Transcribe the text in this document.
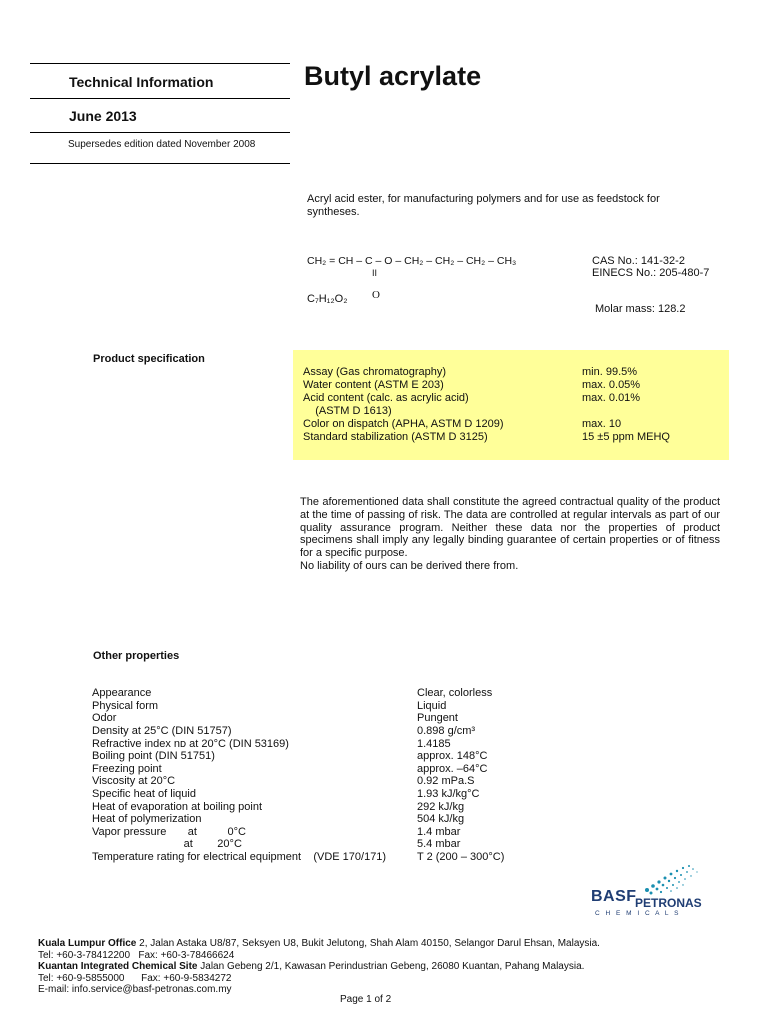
Technical Information
June 2013
Supersedes edition dated November 2008
Butyl acrylate
Acryl acid ester, for manufacturing polymers and for use as feedstock for
syntheses.
CH₂ = CH – C – O – CH₂ – CH₂ – CH₂ – CH₃
II
O
C₇H₁₂O₂
CAS No.: 141-32-2
EINECS No.: 205-480-7
Molar mass: 128.2
Product specification
Assay (Gas chromatography)	min. 99.5%
Water content (ASTM E 203)	max. 0.05%
Acid content (calc. as acrylic acid)	max. 0.01%
(ASTM D 1613)
Color on dispatch (APHA, ASTM D 1209)	max. 10
Standard stabilization (ASTM D 3125)	15 ±5 ppm MEHQ

The aforementioned data shall constitute the agreed contractual quality of the product at the time of passing of risk. The data are controlled at regular intervals as part of our quality assurance program. Neither these data nor the properties of product specimens shall imply any legally binding guarantee of certain properties or of fitness for a specific purpose.

No liability of ours can be derived there from.

Other properties
Appearance	Clear, colorless
Physical form	Liquid
Odor	Pungent
Density at 25°C (DIN 51757)	0.898 g/cm³
Refractive index nᴅ at 20°C (DIN 53169)	1.4185
Boiling point (DIN 51751)	approx. 148°C
Freezing point	approx. –64°C
Viscosity at 20°C	0.92 mPa.S
Specific heat of liquid	1.93 kJ/kg°C
Heat of evaporation at boiling point	292 kJ/kg
Heat of polymerization	504 kJ/kg
Vapor pressure       at          0°C	1.4 mbar
at        20°C	5.4 mbar
Temperature rating for electrical equipment    (VDE 170/171)	T 2 (200 – 300°C)
BASF
PETRONAS
C H E M I C A L S
Kuala Lumpur Office 2, Jalan Astaka U8/87, Seksyen U8, Bukit Jelutong, Shah Alam 40150, Selangor Darul Ehsan, Malaysia.
Tel: +60-3-78412200   Fax: +60-3-78466624
Kuantan Integrated Chemical Site Jalan Gebeng 2/1, Kawasan Perindustrian Gebeng, 26080 Kuantan, Pahang Malaysia.
Tel: +60-9-5855000      Fax: +60-9-5834272
E-mail: info.service@basf-petronas.com.my
Page 1 of 2
